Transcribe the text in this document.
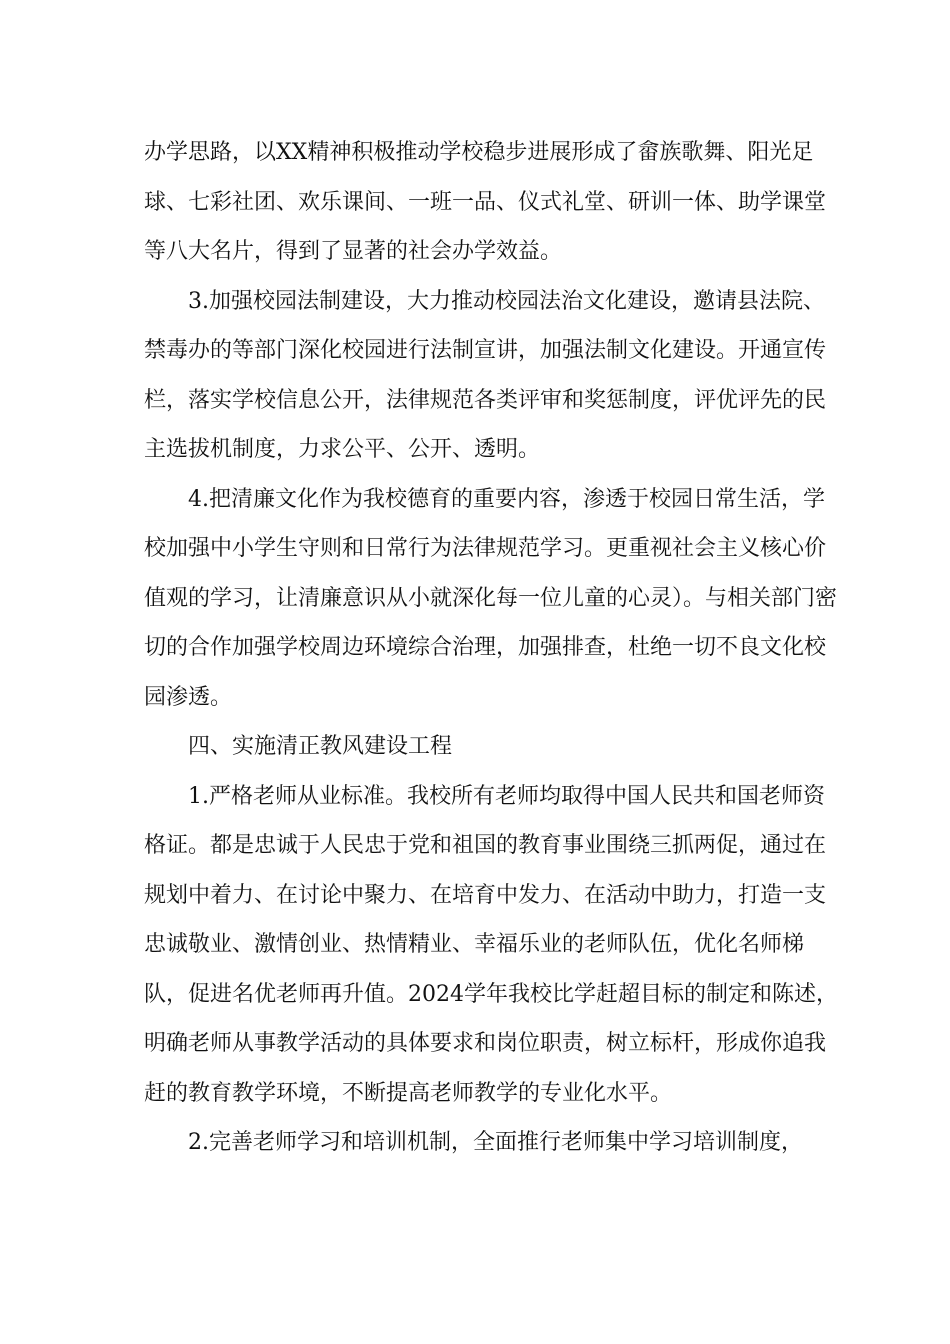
办学思路，以XX精神积极推动学校稳步进展形成了畲族歌舞、阳光足球、七彩社团、欢乐课间、一班一品、仪式礼堂、研训一体、助学课堂等八大名片，得到了显著的社会办学效益。

3.加强校园法制建设，大力推动校园法治文化建设，邀请县法院、禁毒办的等部门深化校园进行法制宣讲，加强法制文化建设。开通宣传栏，落实学校信息公开，法律规范各类评审和奖惩制度，评优评先的民主选拔机制度，力求公平、公开、透明。

4.把清廉文化作为我校德育的重要内容，渗透于校园日常生活，学校加强中小学生守则和日常行为法律规范学习。更重视社会主义核心价值观的学习，让清廉意识从小就深化每一位儿童的心灵）。与相关部门密切的合作加强学校周边环境综合治理，加强排查，杜绝一切不良文化校园渗透。

四、实施清正教风建设工程

1.严格老师从业标准。我校所有老师均取得中国人民共和国老师资格证。都是忠诚于人民忠于党和祖国的教育事业围绕三抓两促，通过在规划中着力、在讨论中聚力、在培育中发力、在活动中助力，打造一支忠诚敬业、激情创业、热情精业、幸福乐业的老师队伍，优化名师梯队，促进名优老师再升值。2024学年我校比学赶超目标的制定和陈述，明确老师从事教学活动的具体要求和岗位职责，树立标杆，形成你追我赶的教育教学环境，不断提高老师教学的专业化水平。

2.完善老师学习和培训机制，全面推行老师集中学习培训制度，
